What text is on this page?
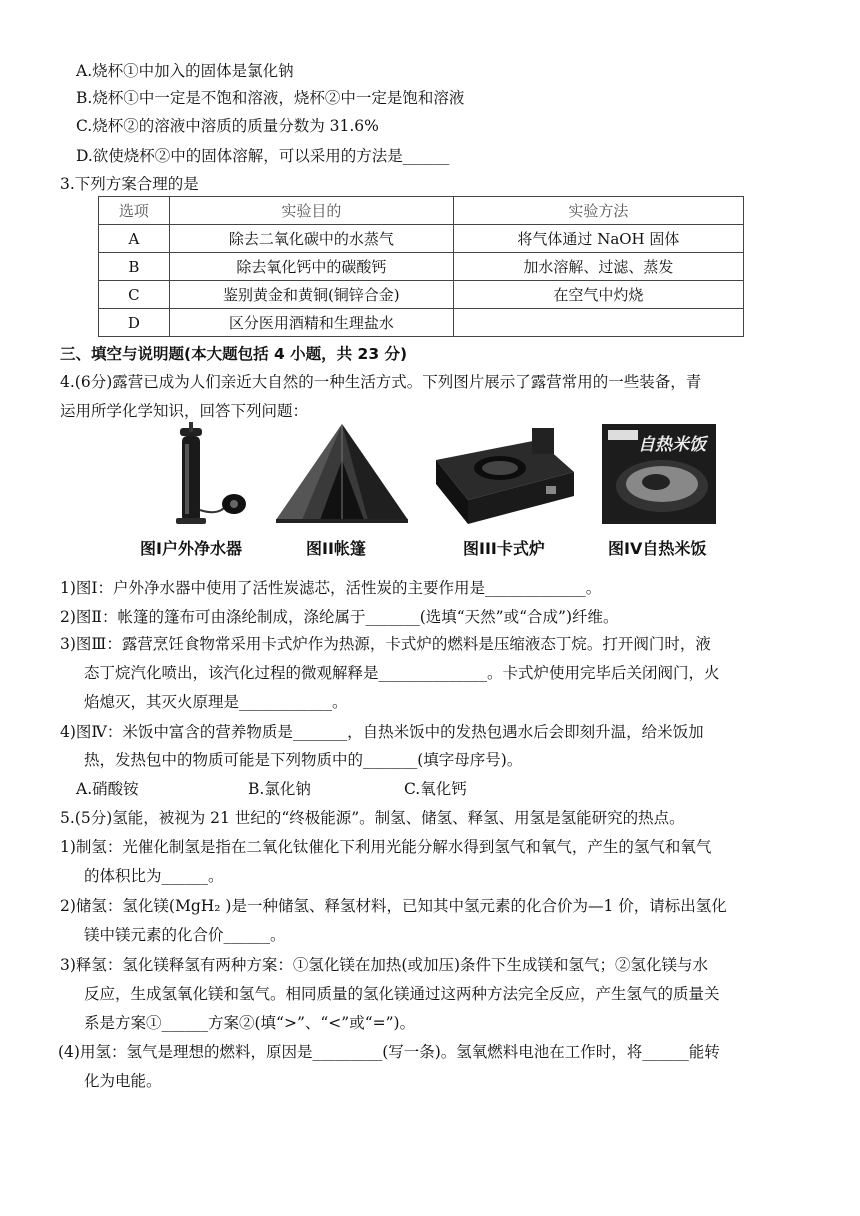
A.烧杯①中加入的固体是氯化钠
B.烧杯①中一定是不饱和溶液，烧杯②中一定是饱和溶液
C.烧杯②的溶液中溶质的质量分数为 31.6%
D.欲使烧杯②中的固体溶解，可以采用的方法是______
3.下列方案合理的是
选项	实验目的	实验方法
A	除去二氧化碳中的水蒸气	将气体通过 NaOH 固体
B	除去氧化钙中的碳酸钙	加水溶解、过滤、蒸发
C	鉴别黄金和黄铜(铜锌合金)	在空气中灼烧
D	区分医用酒精和生理盐水	
三、填空与说明题(本大题包括 4 小题，共 23 分)
4.(6分)露营已成为人们亲近大自然的一种生活方式。下列图片展示了露营常用的一些装备，青
运用所学化学知识，回答下列问题：
自热米饭
图I户外净水器	图II帐篷	图III卡式炉	图IV自热米饭
1)图Ⅰ：户外净水器中使用了活性炭滤芯，活性炭的主要作用是_____________。
2)图Ⅱ：帐篷的篷布可由涤纶制成，涤纶属于_______(选填“天然”或“合成”)纤维。
3)图Ⅲ：露营烹饪食物常采用卡式炉作为热源，卡式炉的燃料是压缩液态丁烷。打开阀门时，液
态丁烷汽化喷出，该汽化过程的微观解释是______________。卡式炉使用完毕后关闭阀门，火
焰熄灭，其灭火原理是____________。
4)图Ⅳ：米饭中富含的营养物质是_______，自热米饭中的发热包遇水后会即刻升温，给米饭加
热，发热包中的物质可能是下列物质中的_______(填字母序号)。
A.硝酸铵	B.氯化钠	C.氧化钙
5.(5分)氢能，被视为 21 世纪的“终极能源”。制氢、储氢、释氢、用氢是氢能研究的热点。
1)制氢：光催化制氢是指在二氧化钛催化下利用光能分解水得到氢气和氧气，产生的氢气和氧气
的体积比为______。
2)储氢：氢化镁(MgH₂ )是一种储氢、释氢材料，已知其中氢元素的化合价为—1 价，请标出氢化
镁中镁元素的化合价______。
3)释氢：氢化镁释氢有两种方案：①氢化镁在加热(或加压)条件下生成镁和氢气；②氢化镁与水
反应，生成氢氧化镁和氢气。相同质量的氢化镁通过这两种方法完全反应，产生氢气的质量关
系是方案①______方案②(填“>”、“<”或“=”)。
(4)用氢：氢气是理想的燃料，原因是_________(写一条)。氢氧燃料电池在工作时，将______能转
化为电能。
